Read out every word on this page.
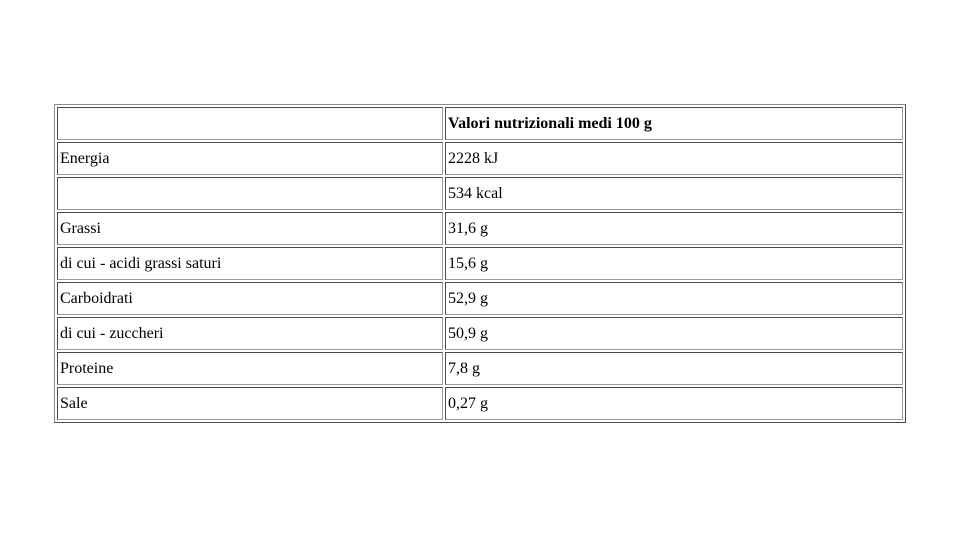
	Valori nutrizionali medi 100 g
Energia	2228 kJ
	534 kcal
Grassi	31,6 g
di cui - acidi grassi saturi	15,6 g
Carboidrati	52,9 g
di cui - zuccheri	50,9 g
Proteine	7,8 g
Sale	0,27 g
